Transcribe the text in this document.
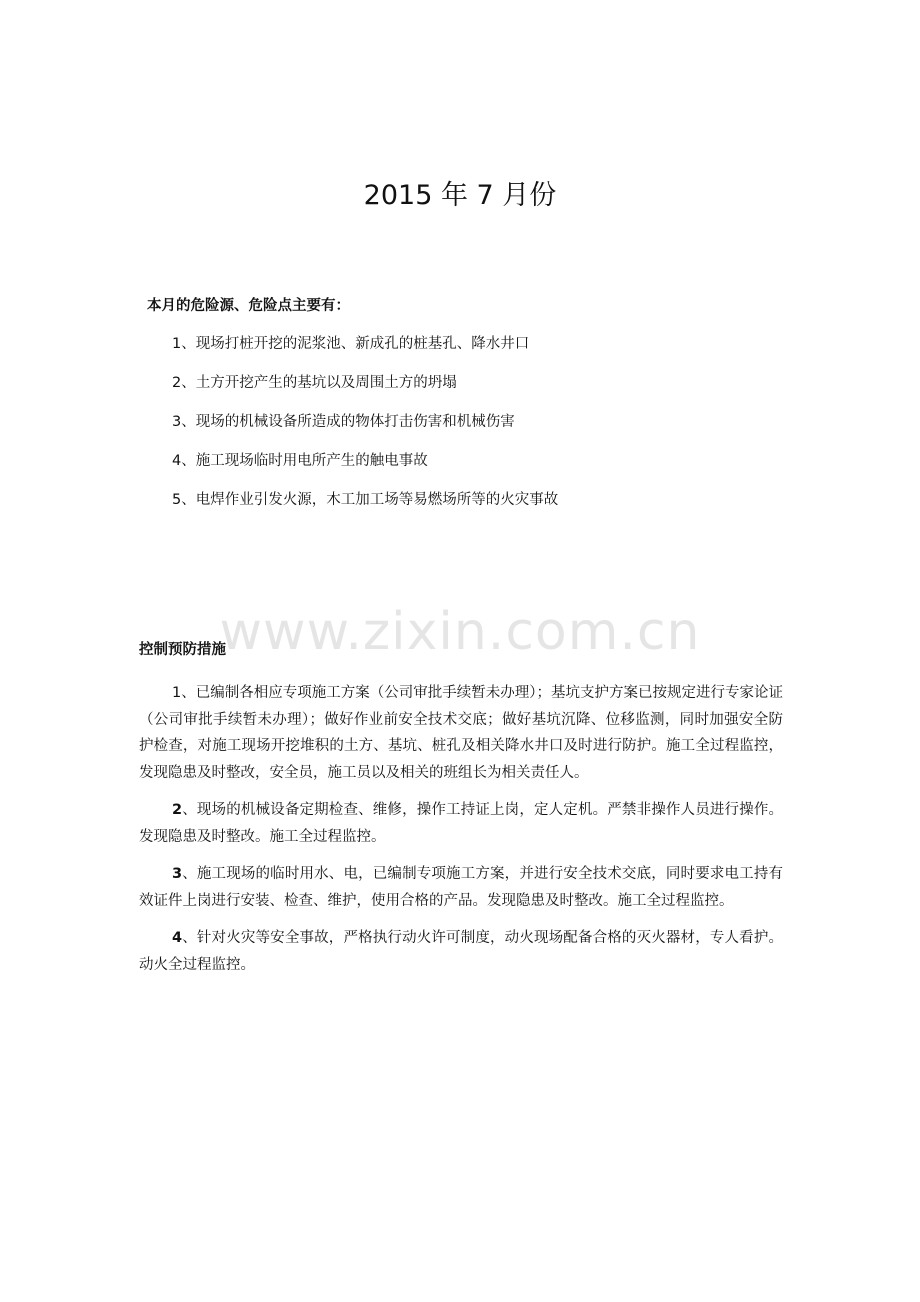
2015 年 7 月份
本月的危险源、危险点主要有：
1、现场打桩开挖的泥浆池、新成孔的桩基孔、降水井口
2、土方开挖产生的基坑以及周围土方的坍塌
3、现场的机械设备所造成的物体打击伤害和机械伤害
4、施工现场临时用电所产生的触电事故
5、电焊作业引发火源，木工加工场等易燃场所等的火灾事故
www.zixin.com.cn
控制预防措施

1、已编制各相应专项施工方案（公司审批手续暂未办理）；基坑支护方案已按规定进行专家论证（公司审批手续暂未办理）；做好作业前安全技术交底；做好基坑沉降、位移监测，同时加强安全防护检查，对施工现场开挖堆积的土方、基坑、桩孔及相关降水井口及时进行防护。施工全过程监控，发现隐患及时整改，安全员，施工员以及相关的班组长为相关责任人。

2、现场的机械设备定期检查、维修，操作工持证上岗，定人定机。严禁非操作人员进行操作。发现隐患及时整改。施工全过程监控。

3、施工现场的临时用水、电，已编制专项施工方案，并进行安全技术交底，同时要求电工持有效证件上岗进行安装、检查、维护，使用合格的产品。发现隐患及时整改。施工全过程监控。

4、针对火灾等安全事故，严格执行动火许可制度，动火现场配备合格的灭火器材，专人看护。动火全过程监控。
